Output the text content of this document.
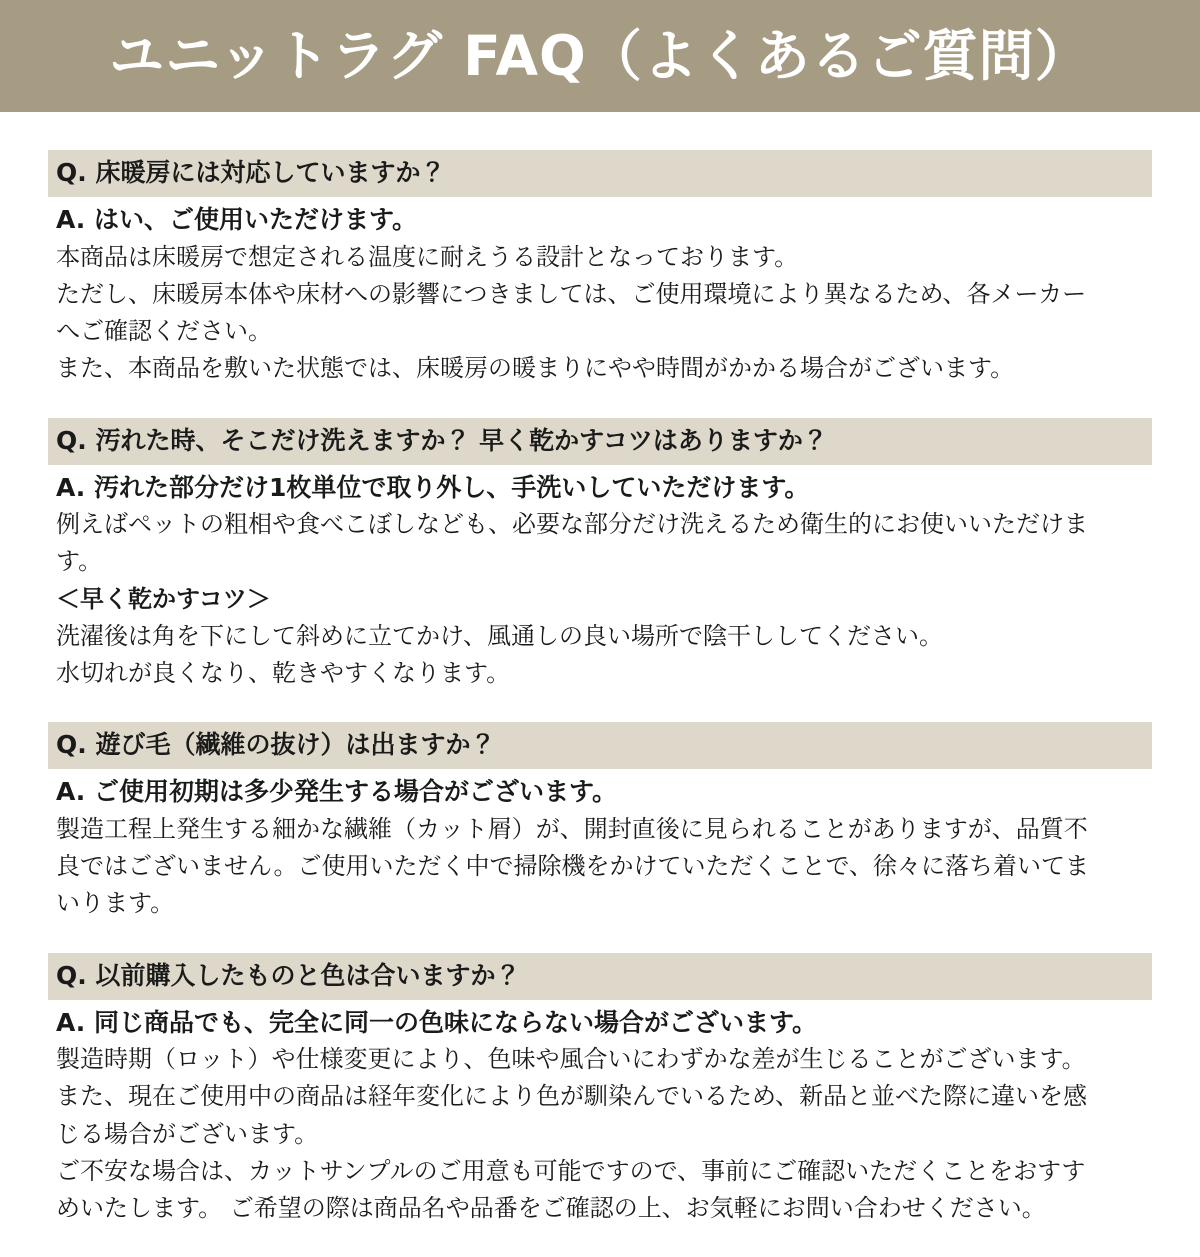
ユニットラグ FAQ（よくあるご質問）
Q. 床暖房には対応していますか？
A. はい、ご使用いただけます。
本商品は床暖房で想定される温度に耐えうる設計となっております。
ただし、床暖房本体や床材への影響につきましては、ご使用環境により異なるため、各メーカー
へご確認ください。
また、本商品を敷いた状態では、床暖房の暖まりにやや時間がかかる場合がございます。
Q. 汚れた時、そこだけ洗えますか？ 早く乾かすコツはありますか？
A. 汚れた部分だけ1枚単位で取り外し、手洗いしていただけます。
例えばペットの粗相や食べこぼしなども、必要な部分だけ洗えるため衛生的にお使いいただけま
す。
＜早く乾かすコツ＞
洗濯後は角を下にして斜めに立てかけ、風通しの良い場所で陰干ししてください。
水切れが良くなり、乾きやすくなります。
Q. 遊び毛（繊維の抜け）は出ますか？
A. ご使用初期は多少発生する場合がございます。
製造工程上発生する細かな繊維（カット屑）が、開封直後に見られることがありますが、品質不
良ではございません。ご使用いただく中で掃除機をかけていただくことで、徐々に落ち着いてま
いります。
Q. 以前購入したものと色は合いますか？
A. 同じ商品でも、完全に同一の色味にならない場合がございます。
製造時期（ロット）や仕様変更により、色味や風合いにわずかな差が生じることがございます。
また、現在ご使用中の商品は経年変化により色が馴染んでいるため、新品と並べた際に違いを感
じる場合がございます。
ご不安な場合は、カットサンプルのご用意も可能ですので、事前にご確認いただくことをおすす
めいたします。 ご希望の際は商品名や品番をご確認の上、お気軽にお問い合わせください。
